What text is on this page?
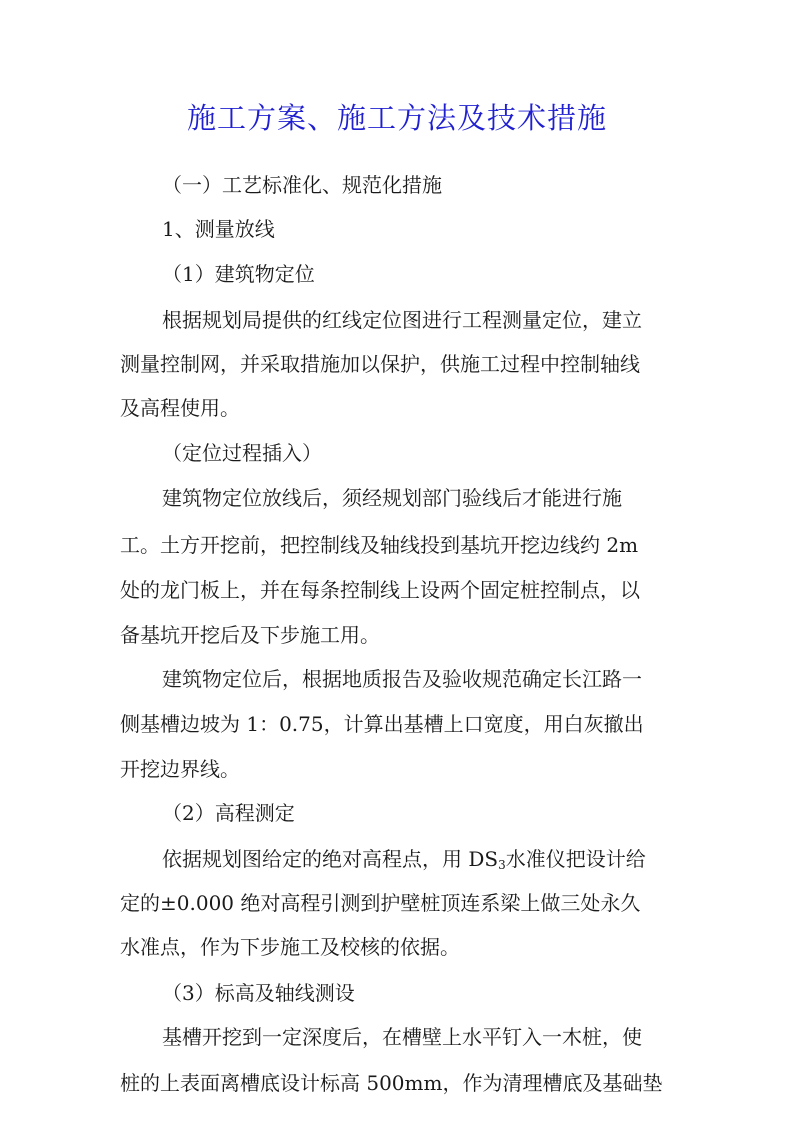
施工方案、施工方法及技术措施
（一）工艺标准化、规范化措施
1、测量放线
（1）建筑物定位
根据规划局提供的红线定位图进行工程测量定位，建立
测量控制网，并采取措施加以保护，供施工过程中控制轴线
及高程使用。
（定位过程插入）
建筑物定位放线后，须经规划部门验线后才能进行施
工。土方开挖前，把控制线及轴线投到基坑开挖边线约 2m
处的龙门板上，并在每条控制线上设两个固定桩控制点，以
备基坑开挖后及下步施工用。
建筑物定位后，根据地质报告及验收规范确定长江路一
侧基槽边坡为 1：0.75，计算出基槽上口宽度，用白灰撤出
开挖边界线。
（2）高程测定
依据规划图给定的绝对高程点，用 $DS_3$水准仪把设计给
定的±0.000 绝对高程引测到护壁桩顶连系梁上做三处永久
水准点，作为下步施工及校核的依据。
（3）标高及轴线测设
基槽开挖到一定深度后，在槽壁上水平钉入一木桩，使
桩的上表面离槽底设计标高 500mm，作为清理槽底及基础垫
